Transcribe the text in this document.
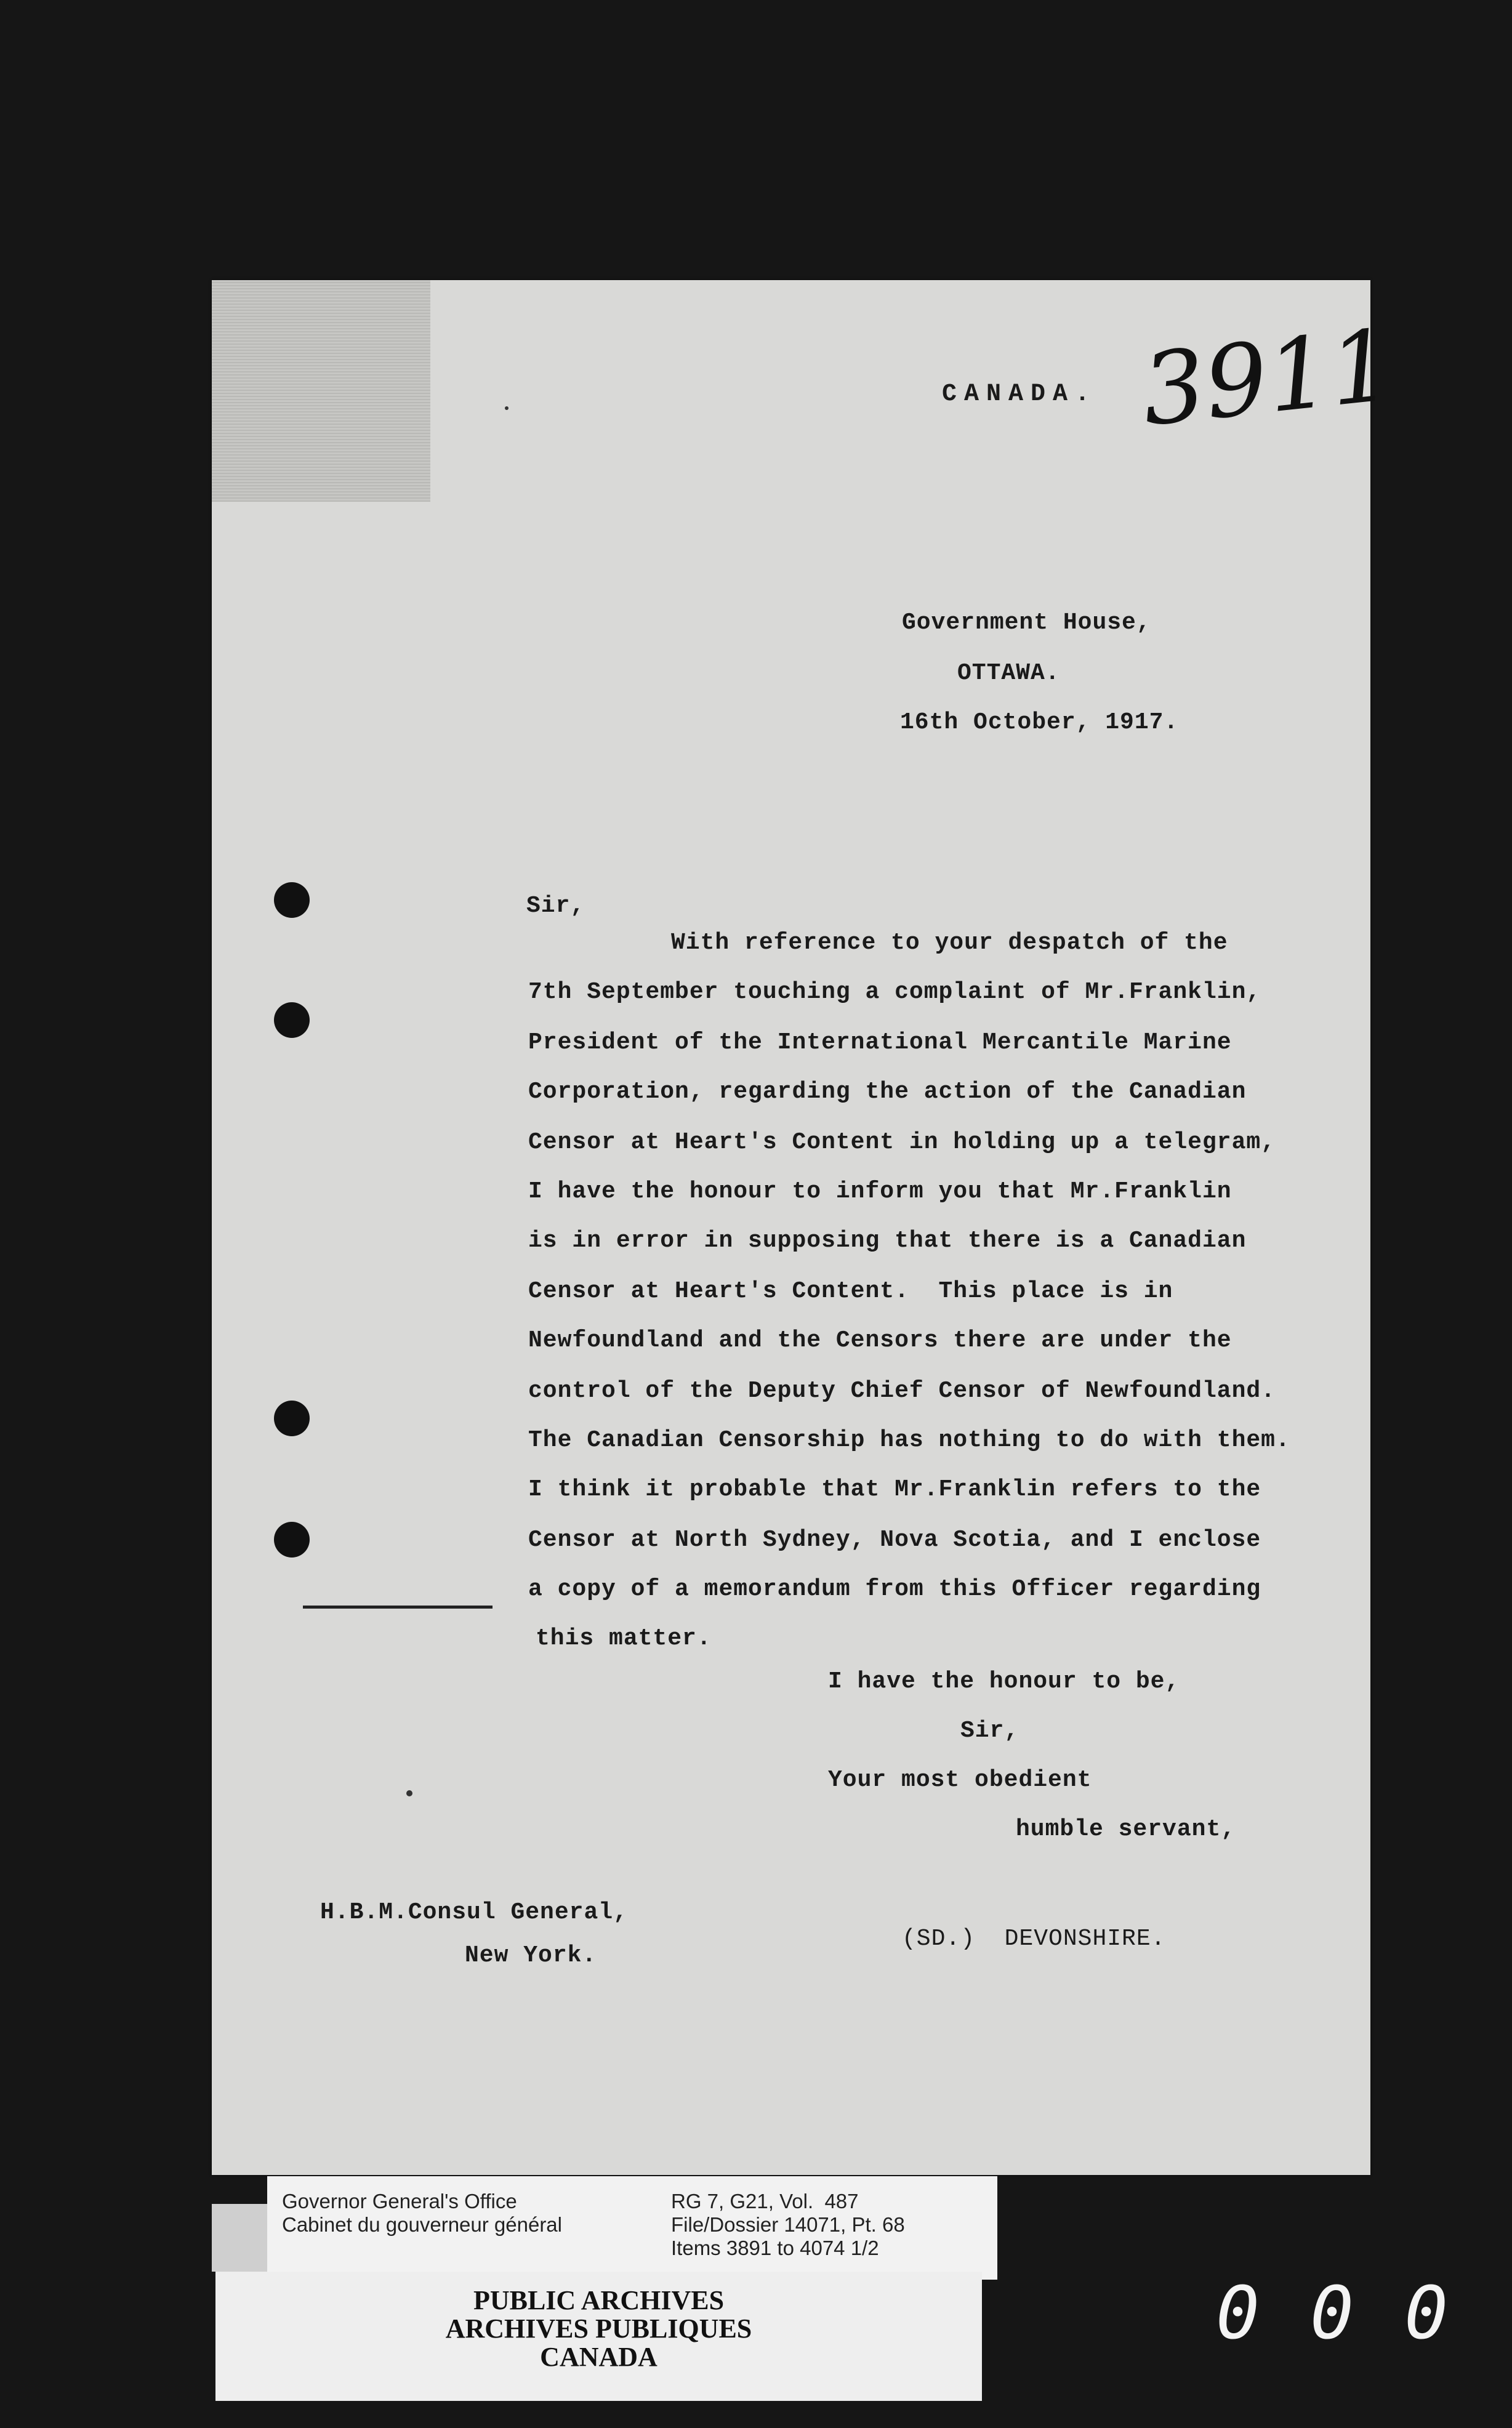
CANADA. 3911
Government House,
OTTAWA.
16th October, 1917.
Sir,
With reference to your despatch of the
7th September touching a complaint of Mr.Franklin,
President of the International Mercantile Marine
Corporation, regarding the action of the Canadian
Censor at Heart's Content in holding up a telegram,
I have the honour to inform you that Mr.Franklin
is in error in supposing that there is a Canadian
Censor at Heart's Content.  This place is in
Newfoundland and the Censors there are under the
control of the Deputy Chief Censor of Newfoundland.
The Canadian Censorship has nothing to do with them.
I think it probable that Mr.Franklin refers to the
Censor at North Sydney, Nova Scotia, and I enclose
a copy of a memorandum from this Officer regarding
this matter.
I have the honour to be,
Sir,
Your most obedient
humble servant,
H.B.M.Consul General,
New York.
(SD.)  DEVONSHIRE.
Governor General's Office
Cabinet du gouverneur général
RG 7, G21, Vol.  487
File/Dossier 14071, Pt. 68
Items 3891 to 4074 1/2
PUBLIC ARCHIVES
ARCHIVES PUBLIQUES
CANADA
000
